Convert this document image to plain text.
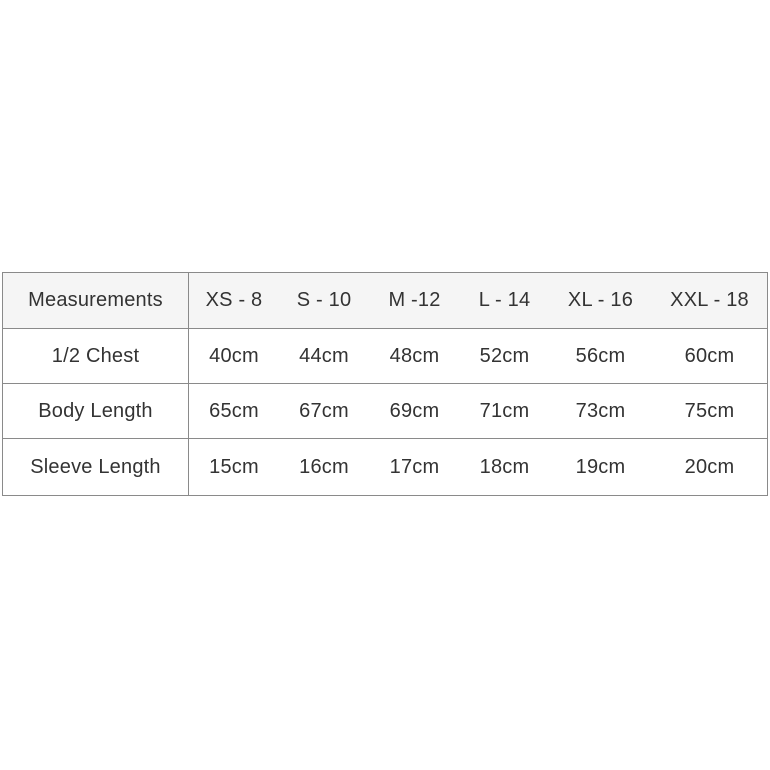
Measurements	XS - 8	S - 10	M -12	L - 14	XL - 16	XXL - 18
1/2 Chest	40cm	44cm	48cm	52cm	56cm	60cm
Body Length	65cm	67cm	69cm	71cm	73cm	75cm
Sleeve Length	15cm	16cm	17cm	18cm	19cm	20cm
